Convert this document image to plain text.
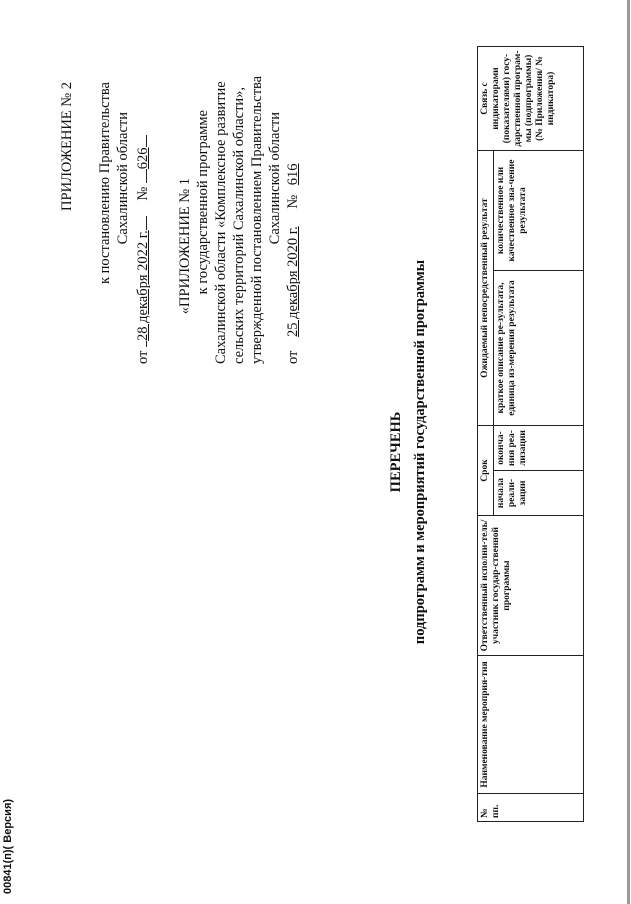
ПРИЛОЖЕНИЕ № 2 к постановлению Правительства Сахалинской области
от 28 декабря 2022 г. № 626
«ПРИЛОЖЕНИЕ № 1 к государственной программе Сахалинской области «Комплексное развитие сельских территорий Сахалинской области», утвержденной постановлением Правительства Сахалинской области
от 25 декабря 2020 г. № 616
ПЕРЕЧЕНЬ подпрограмм и мероприятий государственной программы
№ пп.	Наименование мероприя-тия	Ответственный исполни-тель/участник государ-ственной программы	Срок		Ожидаемый непосредственный результат		Связь с индикаторами (показателями) госу-дарственной програм-мы (подпрограммы) (№ Приложения/ № индикатора)
			начала реали-зации	оконча-ния реа-лизации	краткое описание ре-зультата, единица из-мерения результата	количественное или качественное зна-чение результата	
00841(п)( Версия)
